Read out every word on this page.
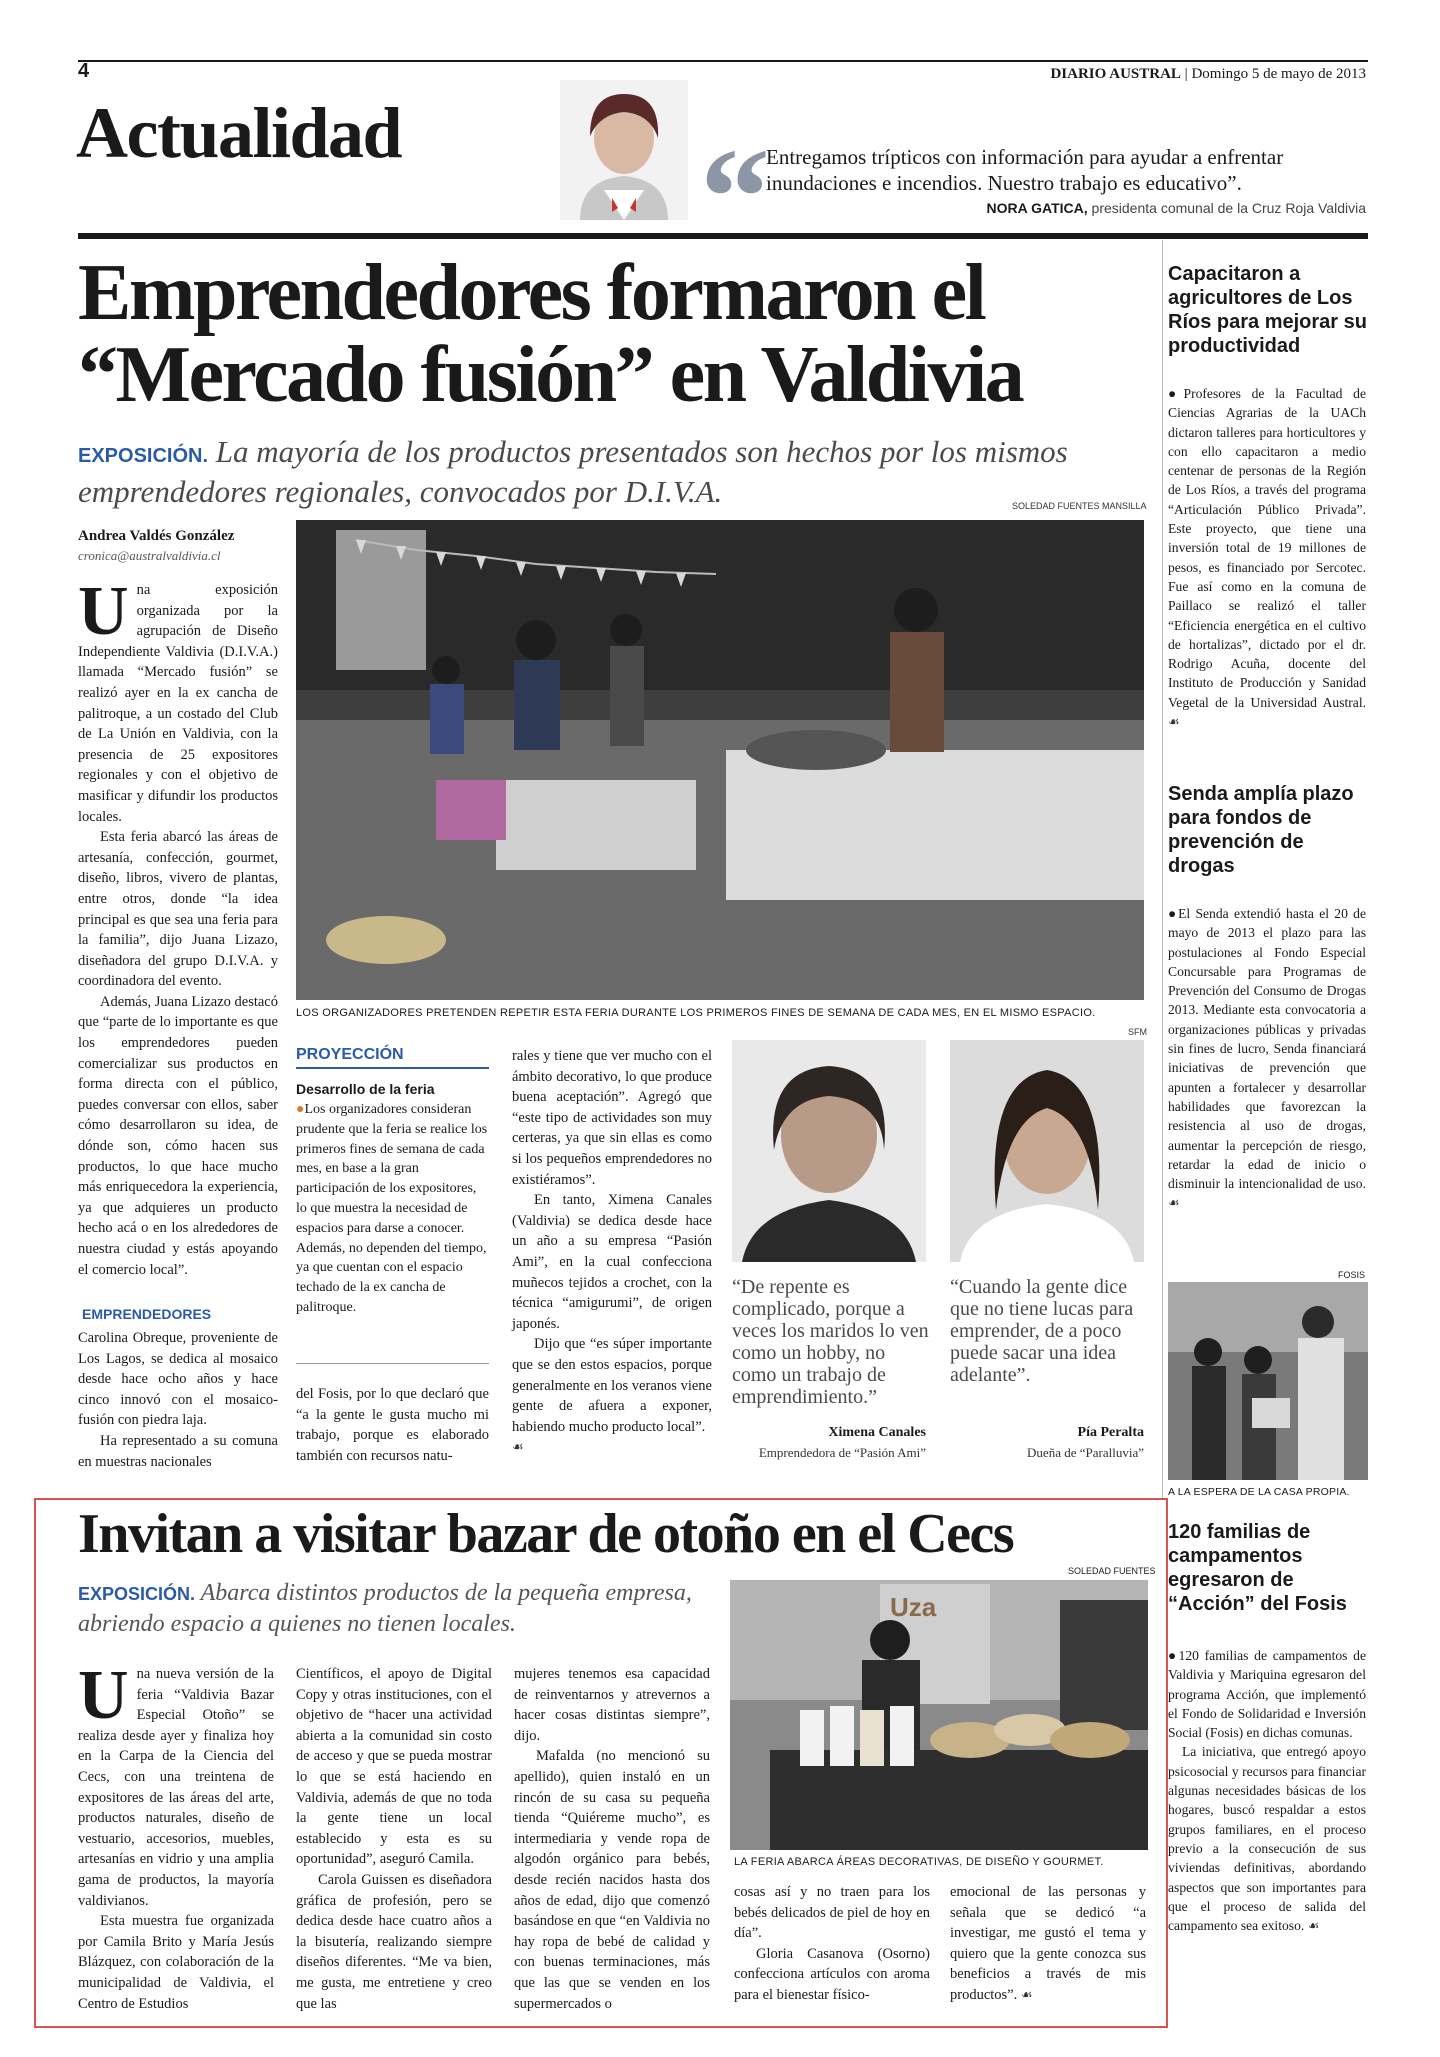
4	DIARIO AUSTRAL | Domingo 5 de mayo de 2013
Actualidad “
Entregamos trípticos con información para ayudar a enfrentar inundaciones e incendios. Nuestro trabajo es educativo”.
NORA GATICA, presidenta comunal de la Cruz Roja Valdivia
Emprendedores formaron el “Mercado fusión” en Valdivia
EXPOSICIÓN. La mayoría de los productos presentados son hechos por los mismos emprendedores regionales, convocados por D.I.V.A.	SOLEDAD FUENTES MANSILLA
Andrea Valdés González
cronica@australvaldivia.cl
LOS ORGANIZADORES PRETENDEN REPETIR ESTA FERIA DURANTE LOS PRIMEROS FINES DE SEMANA DE CADA MES, EN EL MISMO ESPACIO.
SFM

Una exposición organizada por la agrupación de Diseño Independiente Valdivia (D.I.V.A.) llamada “Mercado fusión” se realizó ayer en la ex cancha de palitroque, a un costado del Club de La Unión en Valdivia, con la presencia de 25 expositores regionales y con el objetivo de masificar y difundir los productos locales.

Esta feria abarcó las áreas de artesanía, confección, gourmet, diseño, libros, vivero de plantas, entre otros, donde “la idea principal es que sea una feria para la familia”, dijo Juana Lizazo, diseñadora del grupo D.I.V.A. y coordinadora del evento.

Además, Juana Lizazo destacó que “parte de lo importante es que los emprendedores pueden comercializar sus productos en forma directa con el público, puedes conversar con ellos, saber cómo desarrollaron su idea, de dónde son, cómo hacen sus productos, lo que hace mucho más enriquecedora la experiencia, ya que adquieres un producto hecho acá o en los alrededores de nuestra ciudad y estás apoyando el comercio local”.

EMPRENDEDORES

Carolina Obreque, proveniente de Los Lagos, se dedica al mosaico desde hace ocho años y hace cinco innovó con el mosaico-fusión con piedra laja.

Ha representado a su comuna en muestras nacionales

PROYECCIÓN
Desarrollo de la feria
●Los organizadores consideran prudente que la feria se realice los primeros fines de semana de cada mes, en base a la gran participación de los expositores, lo que muestra la necesidad de espacios para darse a conocer. Además, no dependen del tiempo, ya que cuentan con el espacio techado de la ex cancha de palitroque.

del Fosis, por lo que declaró que “a la gente le gusta mucho mi trabajo, porque es elaborado también con recursos natu-

rales y tiene que ver mucho con el ámbito decorativo, lo que produce buena aceptación”. Agregó que “este tipo de actividades son muy certeras, ya que sin ellas es como si los pequeños emprendedores no existiéramos”.

En tanto, Ximena Canales (Valdivia) se dedica desde hace un año a su empresa “Pasión Ami”, en la cual confecciona muñecos tejidos a crochet, con la técnica “amigurumi”, de origen japonés.

Dijo que “es súper importante que se den estos espacios, porque generalmente en los veranos viene gente de afuera a exponer, habiendo mucho producto local”.

☙
“De repente es complicado, porque a veces los maridos lo ven como un hobby, no como un trabajo de emprendimiento.”
“Cuando la gente dice que no tiene lucas para emprender, de a poco puede sacar una idea adelante”.
Ximena Canales
Emprendedora de “Pasión Ami”
Pía Peralta
Dueña de “Paralluvia”
Capacitaron a agricultores de Los Ríos para mejorar su productividad
●Profesores de la Facultad de Ciencias Agrarias de la UACh dictaron talleres para horticultores y con ello capacitaron a medio centenar de personas de la Región de Los Ríos, a través del programa “Articulación Público Privada”. Este proyecto, que tiene una inversión total de 19 millones de pesos, es financiado por Sercotec. Fue así como en la comuna de Paillaco se realizó el taller “Eficiencia energética en el cultivo de hortalizas”, dictado por el dr. Rodrigo Acuña, docente del Instituto de Producción y Sanidad Vegetal de la Universidad Austral. ☙
Senda amplía plazo para fondos de prevención de drogas
●El Senda extendió hasta el 20 de mayo de 2013 el plazo para las postulaciones al Fondo Especial Concursable para Programas de Prevención del Consumo de Drogas 2013. Mediante esta convocatoria a organizaciones públicas y privadas sin fines de lucro, Senda financiará iniciativas de prevención que apunten a fortalecer y desarrollar habilidades que favorezcan la resistencia al uso de drogas, aumentar la percepción de riesgo, retardar la edad de inicio o disminuir la intencionalidad de uso. ☙
FOSIS
A LA ESPERA DE LA CASA PROPIA.
120 familias de campamentos egresaron de “Acción” del Fosis

●120 familias de campamentos de Valdivia y Mariquina egresaron del programa Acción, que implementó el Fondo de Solidaridad e Inversión Social (Fosis) en dichas comunas.

La iniciativa, que entregó apoyo psicosocial y recursos para financiar algunas necesidades básicas de los hogares, buscó respaldar a estos grupos familiares, en el proceso previo a la consecución de sus viviendas definitivas, abordando aspectos que son importantes para que el proceso de salida del campamento sea exitoso. ☙

Invitan a visitar bazar de otoño en el Cecs
EXPOSICIÓN. Abarca distintos productos de la pequeña empresa, abriendo espacio a quienes no tienen locales.
SOLEDAD FUENTES
Uza
LA FERIA ABARCA ÁREAS DECORATIVAS, DE DISEÑO Y GOURMET.

Una nueva versión de la feria “Valdivia Bazar Especial Otoño” se realiza desde ayer y finaliza hoy en la Carpa de la Ciencia del Cecs, con una treintena de expositores de las áreas del arte, productos naturales, diseño de vestuario, accesorios, muebles, artesanías en vidrio y una amplia gama de productos, la mayoría valdivianos.

Esta muestra fue organizada por Camila Brito y María Jesús Blázquez, con colaboración de la municipalidad de Valdivia, el Centro de Estudios

Científicos, el apoyo de Digital Copy y otras instituciones, con el objetivo de “hacer una actividad abierta a la comunidad sin costo de acceso y que se pueda mostrar lo que se está haciendo en Valdivia, además de que no toda la gente tiene un local establecido y esta es su oportunidad”, aseguró Camila.

Carola Guissen es diseñadora gráfica de profesión, pero se dedica desde hace cuatro años a la bisutería, realizando siempre diseños diferentes. “Me va bien, me gusta, me entretiene y creo que las

mujeres tenemos esa capacidad de reinventarnos y atrevernos a hacer cosas distintas siempre”, dijo.

Mafalda (no mencionó su apellido), quien instaló en un rincón de su casa su pequeña tienda “Quiéreme mucho”, es intermediaria y vende ropa de algodón orgánico para bebés, desde recién nacidos hasta dos años de edad, dijo que comenzó basándose en que “en Valdivia no hay ropa de bebé de calidad y con buenas terminaciones, más que las que se venden en los supermercados o

cosas así y no traen para los bebés delicados de piel de hoy en día”.

Gloria Casanova (Osorno) confecciona artículos con aroma para el bienestar físico-

emocional de las personas y señala que se dedicó “a investigar, me gustó el tema y quiero que la gente conozca sus beneficios a través de mis productos”. ☙
